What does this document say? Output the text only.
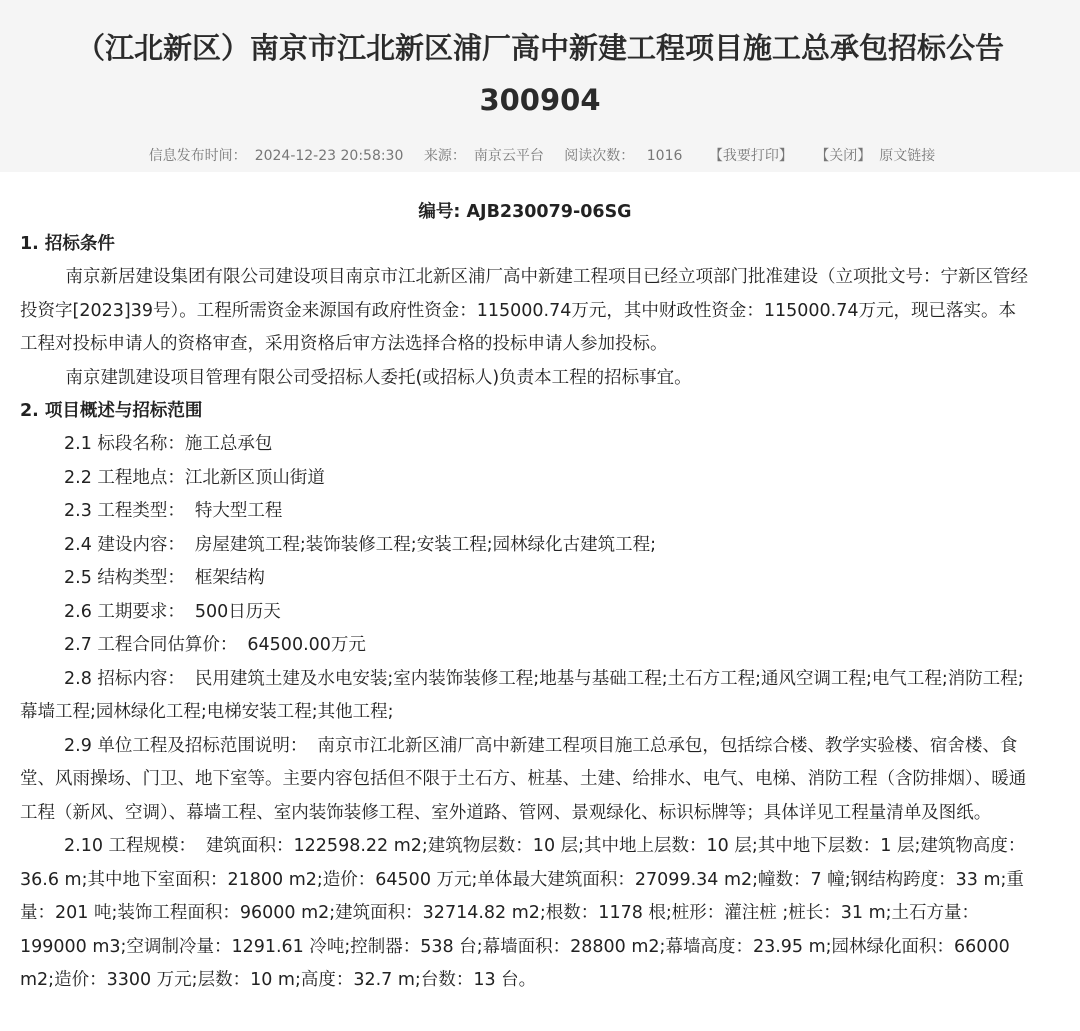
（江北新区）南京市江北新区浦厂高中新建工程项目施工总承包招标公告300904
信息发布时间： 2024-12-23 20:58:30 来源： 南京云平台 阅读次数： 1016 【我要打印】 【关闭】 原文链接
编号: AJB230079-06SG
1. 招标条件

南京新居建设集团有限公司建设项目南京市江北新区浦厂高中新建工程项目已经立项部门批准建设（立项批文号：宁新区管经投资字[2023]39号）。工程所需资金来源国有政府性资金：115000.74万元，其中财政性资金：115000.74万元，现已落实。本工程对投标申请人的资格审查，采用资格后审方法选择合格的投标申请人参加投标。

南京建凯建设项目管理有限公司受招标人委托(或招标人)负责本工程的招标事宜。

2. 项目概述与招标范围

2.1 标段名称：施工总承包

2.2 工程地点：江北新区顶山街道

2.3 工程类型： 特大型工程

2.4 建设内容： 房屋建筑工程;装饰装修工程;安装工程;园林绿化古建筑工程;

2.5 结构类型： 框架结构

2.6 工期要求： 500日历天

2.7 工程合同估算价： 64500.00万元

2.8 招标内容： 民用建筑土建及水电安装;室内装饰装修工程;地基与基础工程;土石方工程;通风空调工程;电气工程;消防工程;幕墙工程;园林绿化工程;电梯安装工程;其他工程;

2.9 单位工程及招标范围说明： 南京市江北新区浦厂高中新建工程项目施工总承包，包括综合楼、教学实验楼、宿舍楼、食堂、风雨操场、门卫、地下室等。主要内容包括但不限于土石方、桩基、土建、给排水、电气、电梯、消防工程（含防排烟）、暖通工程（新风、空调）、幕墙工程、室内装饰装修工程、室外道路、管网、景观绿化、标识标牌等；具体详见工程量清单及图纸。

2.10 工程规模： 建筑面积：122598.22 m2;建筑物层数：10 层;其中地上层数：10 层;其中地下层数：1 层;建筑物高度：36.6 m;其中地下室面积：21800 m2;造价：64500 万元;单体最大建筑面积：27099.34 m2;幢数：7 幢;钢结构跨度：33 m;重量：201 吨;装饰工程面积：96000 m2;建筑面积：32714.82 m2;根数：1178 根;桩形：灌注桩 ;桩长：31 m;土石方量：199000 m3;空调制冷量：1291.61 冷吨;控制器：538 台;幕墙面积：28800 m2;幕墙高度：23.95 m;园林绿化面积：66000 m2;造价：3300 万元;层数：10 m;高度：32.7 m;台数：13 台。
